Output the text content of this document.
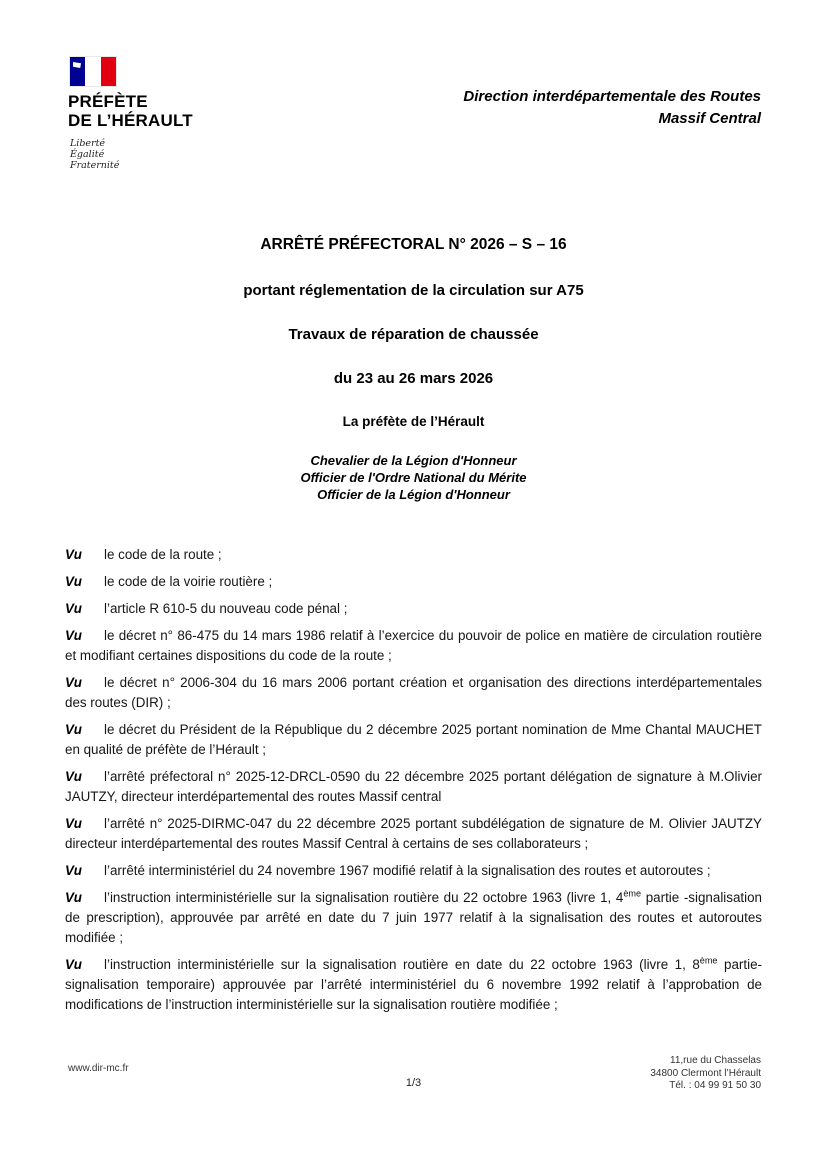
PRÉFÈTE
DE L’HÉRAULT
Liberté
Égalité
Fraternité
Direction interdépartementale des Routes
Massif Central

ARRÊTÉ PRÉFECTORAL N° 2026 – S – 16

portant réglementation de la circulation sur A75

Travaux de réparation de chaussée

du 23 au 26 mars 2026

La préfète de l’Hérault

Chevalier de la Légion d'Honneur
Officier de l'Ordre National du Mérite
Officier de la Légion d'Honneur

Vu le code de la route ;

Vu le code de la voirie routière ;

Vu l’article R 610-5 du nouveau code pénal ;

Vu le décret n° 86-475 du 14 mars 1986 relatif à l’exercice du pouvoir de police en matière de circulation routière et modifiant certaines dispositions du code de la route ;

Vu le décret n° 2006-304 du 16 mars 2006 portant création et organisation des directions interdépartementales des routes (DIR) ;

Vu le décret du Président de la République du 2 décembre 2025 portant nomination de Mme Chantal MAUCHET en qualité de préfète de l’Hérault ;

Vu l’arrêté préfectoral n° 2025-12-DRCL-0590 du 22 décembre 2025 portant délégation de signature à M.Olivier JAUTZY, directeur interdépartemental des routes Massif central

Vu l’arrêté n° 2025-DIRMC-047 du 22 décembre 2025 portant subdélégation de signature de M. Olivier JAUTZY directeur interdépartemental des routes Massif Central à certains de ses collaborateurs ;

Vu l’arrêté interministériel du 24 novembre 1967 modifié relatif à la signalisation des routes et autoroutes ;

Vu l’instruction interministérielle sur la signalisation routière du 22 octobre 1963 (livre 1, 4ème partie -signalisation de prescription), approuvée par arrêté en date du 7 juin 1977 relatif à la signalisation des routes et autoroutes modifiée ;

Vu l’instruction interministérielle sur la signalisation routière en date du 22 octobre 1963 (livre 1, 8ème partie-signalisation temporaire) approuvée par l’arrêté interministériel du 6 novembre 1992 relatif à l’approbation de modifications de l’instruction interministérielle sur la signalisation routière modifiée ;

www.dir-mc.fr
1/3
11,rue du Chasselas
34800 Clermont l’Hérault
Tél. : 04 99 91 50 30
